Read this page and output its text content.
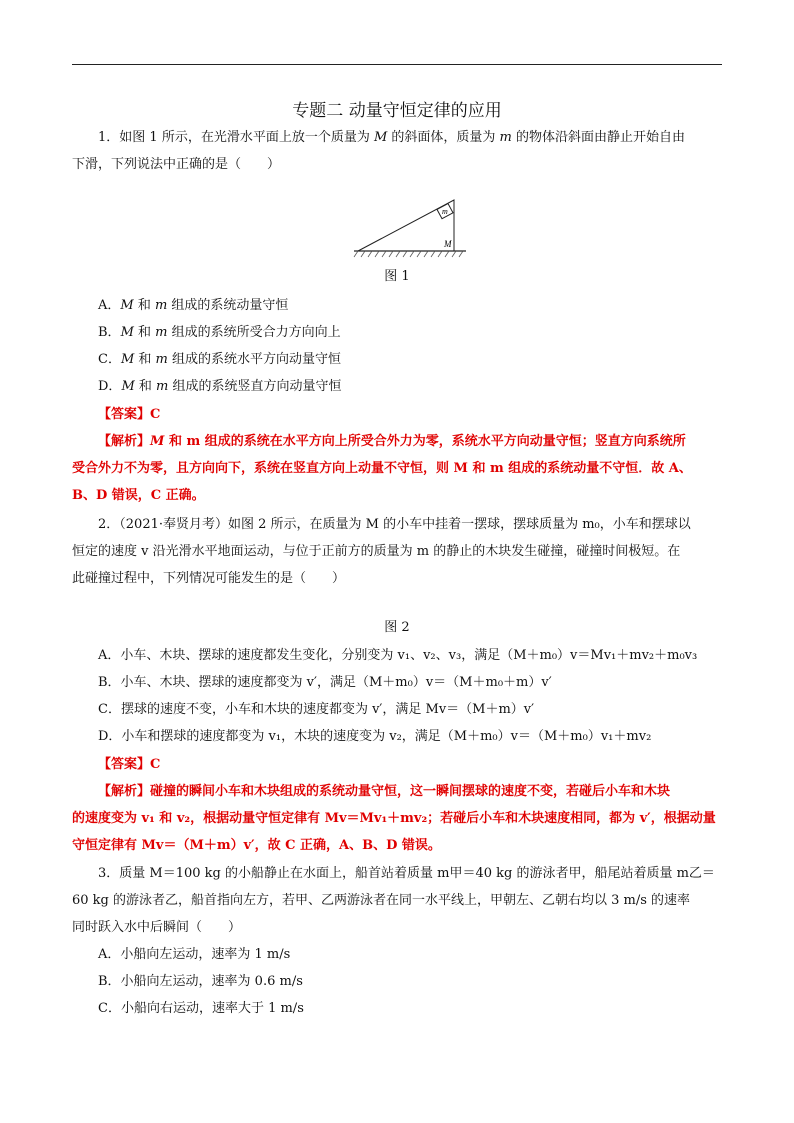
专题二 动量守恒定律的应用
1．如图 1 所示，在光滑水平面上放一个质量为 M 的斜面体，质量为 m 的物体沿斜面由静止开始自由
下滑，下列说法中正确的是（　　）
m
M
图 1
A．M 和 m 组成的系统动量守恒
B．M 和 m 组成的系统所受合力方向向上
C．M 和 m 组成的系统水平方向动量守恒
D．M 和 m 组成的系统竖直方向动量守恒
【答案】C
【解析】M 和 m 组成的系统在水平方向上所受合外力为零，系统水平方向动量守恒；竖直方向系统所
受合外力不为零，且方向向下，系统在竖直方向上动量不守恒，则 M 和 m 组成的系统动量不守恒．故 A、
B、D 错误，C 正确。
2．（2021·奉贤月考）如图 2 所示，在质量为 M 的小车中挂着一摆球，摆球质量为 m₀，小车和摆球以
恒定的速度 v 沿光滑水平地面运动，与位于正前方的质量为 m 的静止的木块发生碰撞，碰撞时间极短。在
此碰撞过程中，下列情况可能发生的是（　　）
图 2
A．小车、木块、摆球的速度都发生变化，分别变为 v₁、v₂、v₃，满足（M＋m₀）v＝Mv₁＋mv₂＋m₀v₃
B．小车、木块、摆球的速度都变为 v′，满足（M＋m₀）v＝（M＋m₀＋m）v′
C．摆球的速度不变，小车和木块的速度都变为 v′，满足 Mv＝（M＋m）v′
D．小车和摆球的速度都变为 v₁，木块的速度变为 v₂，满足（M＋m₀）v＝（M＋m₀）v₁＋mv₂
【答案】C
【解析】碰撞的瞬间小车和木块组成的系统动量守恒，这一瞬间摆球的速度不变，若碰后小车和木块
的速度变为 v₁ 和 v₂，根据动量守恒定律有 Mv＝Mv₁＋mv₂；若碰后小车和木块速度相同，都为 v′，根据动量
守恒定律有 Mv＝（M＋m）v′，故 C 正确，A、B、D 错误。
3．质量 M＝100 kg 的小船静止在水面上，船首站着质量 m甲＝40 kg 的游泳者甲，船尾站着质量 m乙＝
60 kg 的游泳者乙，船首指向左方，若甲、乙两游泳者在同一水平线上，甲朝左、乙朝右均以 3 m/s 的速率
同时跃入水中后瞬间（　　）
A．小船向左运动，速率为 1 m/s
B．小船向左运动，速率为 0.6 m/s
C．小船向右运动，速率大于 1 m/s
